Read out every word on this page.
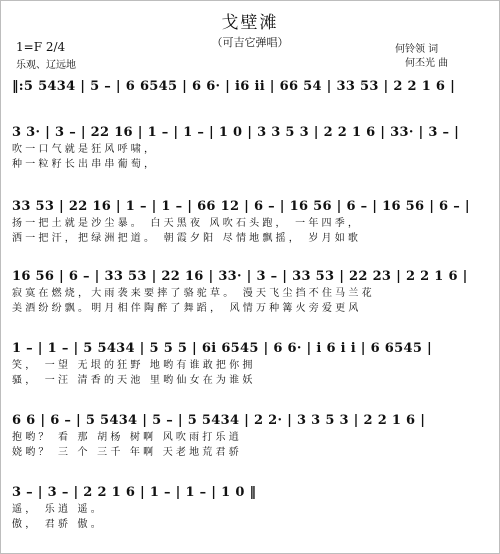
戈壁滩
（可吉它弹唱）
1=F 2/4
乐观、辽远地
何铃领 词
何丕光 曲
‖:5 5434 | 5 – | 6 6545 | 6 6· | i6 ii | 66 54 | 33 53 | 2 2 1 6 |
3 3· | 3 – | 22 16 | 1 – | 1 – | 1 0 | 3 3 5 3 | 2 2 1 6 | 33· | 3 – |
吹一口气就是狂风呼啸，
种一粒籽长出串串葡萄，
33 53 | 22 16 | 1 – | 1 – | 66 12 | 6 – | 16 56 | 6 – | 16 56 | 6 – |
扬一把土就是沙尘暴。 白天黑夜 风吹石头跑， 一年四季，
洒一把汗，把绿洲把道。 朝霞夕阳 尽情地飘摇， 岁月如歌
16 56 | 6 – | 33 53 | 22 16 | 33· | 3 – | 33 53 | 22 23 | 2 2 1 6 |
寂寞在燃烧，大雨袭来要摔了骆驼草。 漫天飞尘挡不住马兰花
美酒纷纷飘。明月相伴陶醉了舞蹈， 风情万种篝火旁爱更风
1 – | 1 – | 5 5434 | 5 5 5 | 6i 6545 | 6 6· | i 6 i i | 6 6545 |
笑， 一望 无垠的狂野 地哟有谁敢把你拥
骚， 一汪 清香的天池 里哟仙女在为谁妖
6 6 | 6 – | 5 5434 | 5 – | 5 5434 | 2 2· | 3 3 5 3 | 2 2 1 6 |
抱哟？ 看 那 胡杨 树啊 风吹雨打乐逍
娆哟？ 三 个 三千 年啊 天老地荒君骄
3 – | 3 – | 2 2 1 6 | 1 – | 1 – | 1 0 ‖
遥， 乐逍 遥。
傲， 君骄 傲。
